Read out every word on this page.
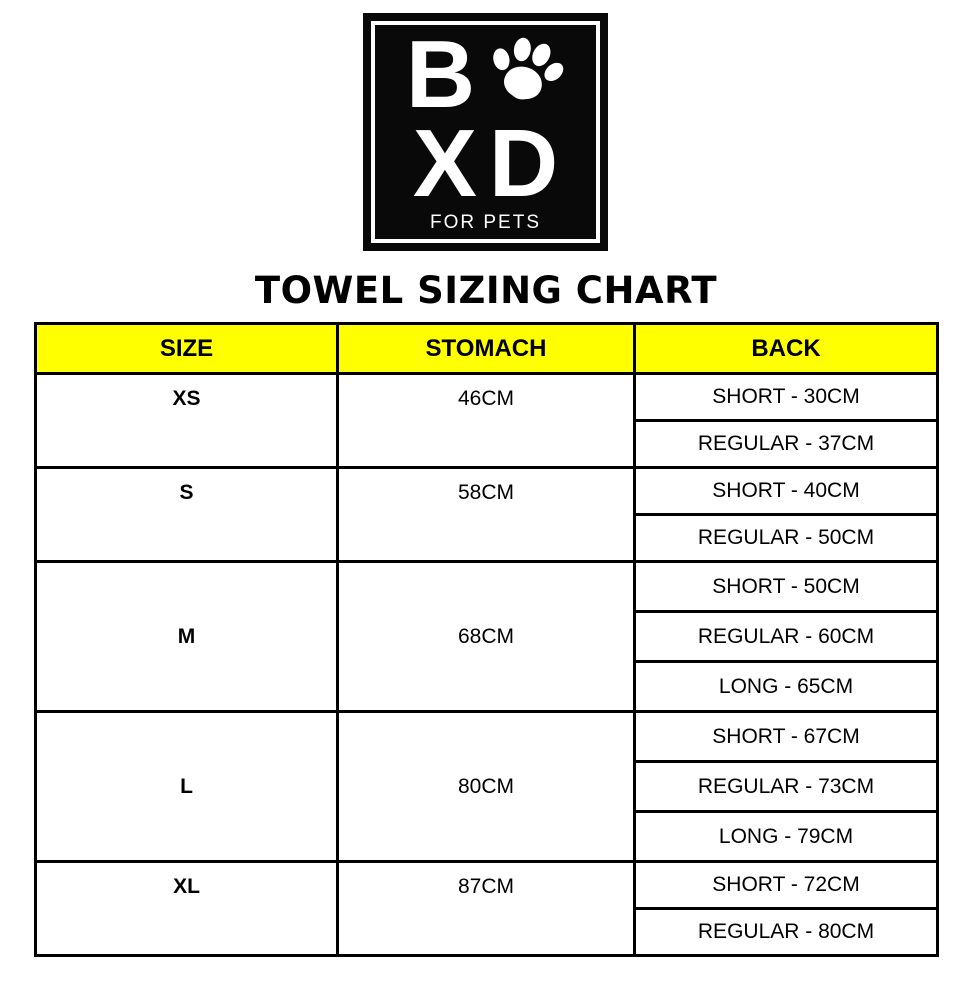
B
XD
FOR PETS
TOWEL SIZING CHART
SIZE	STOMACH	BACK

XS	46CM	SHORT - 30CM
		REGULAR - 37CM

S	58CM	SHORT - 40CM
		REGULAR - 50CM

M	68CM	SHORT - 50CM
		REGULAR - 60CM
		LONG - 65CM

L	80CM	SHORT - 67CM
		REGULAR - 73CM
		LONG - 79CM

XL	87CM	SHORT - 72CM
		REGULAR - 80CM
